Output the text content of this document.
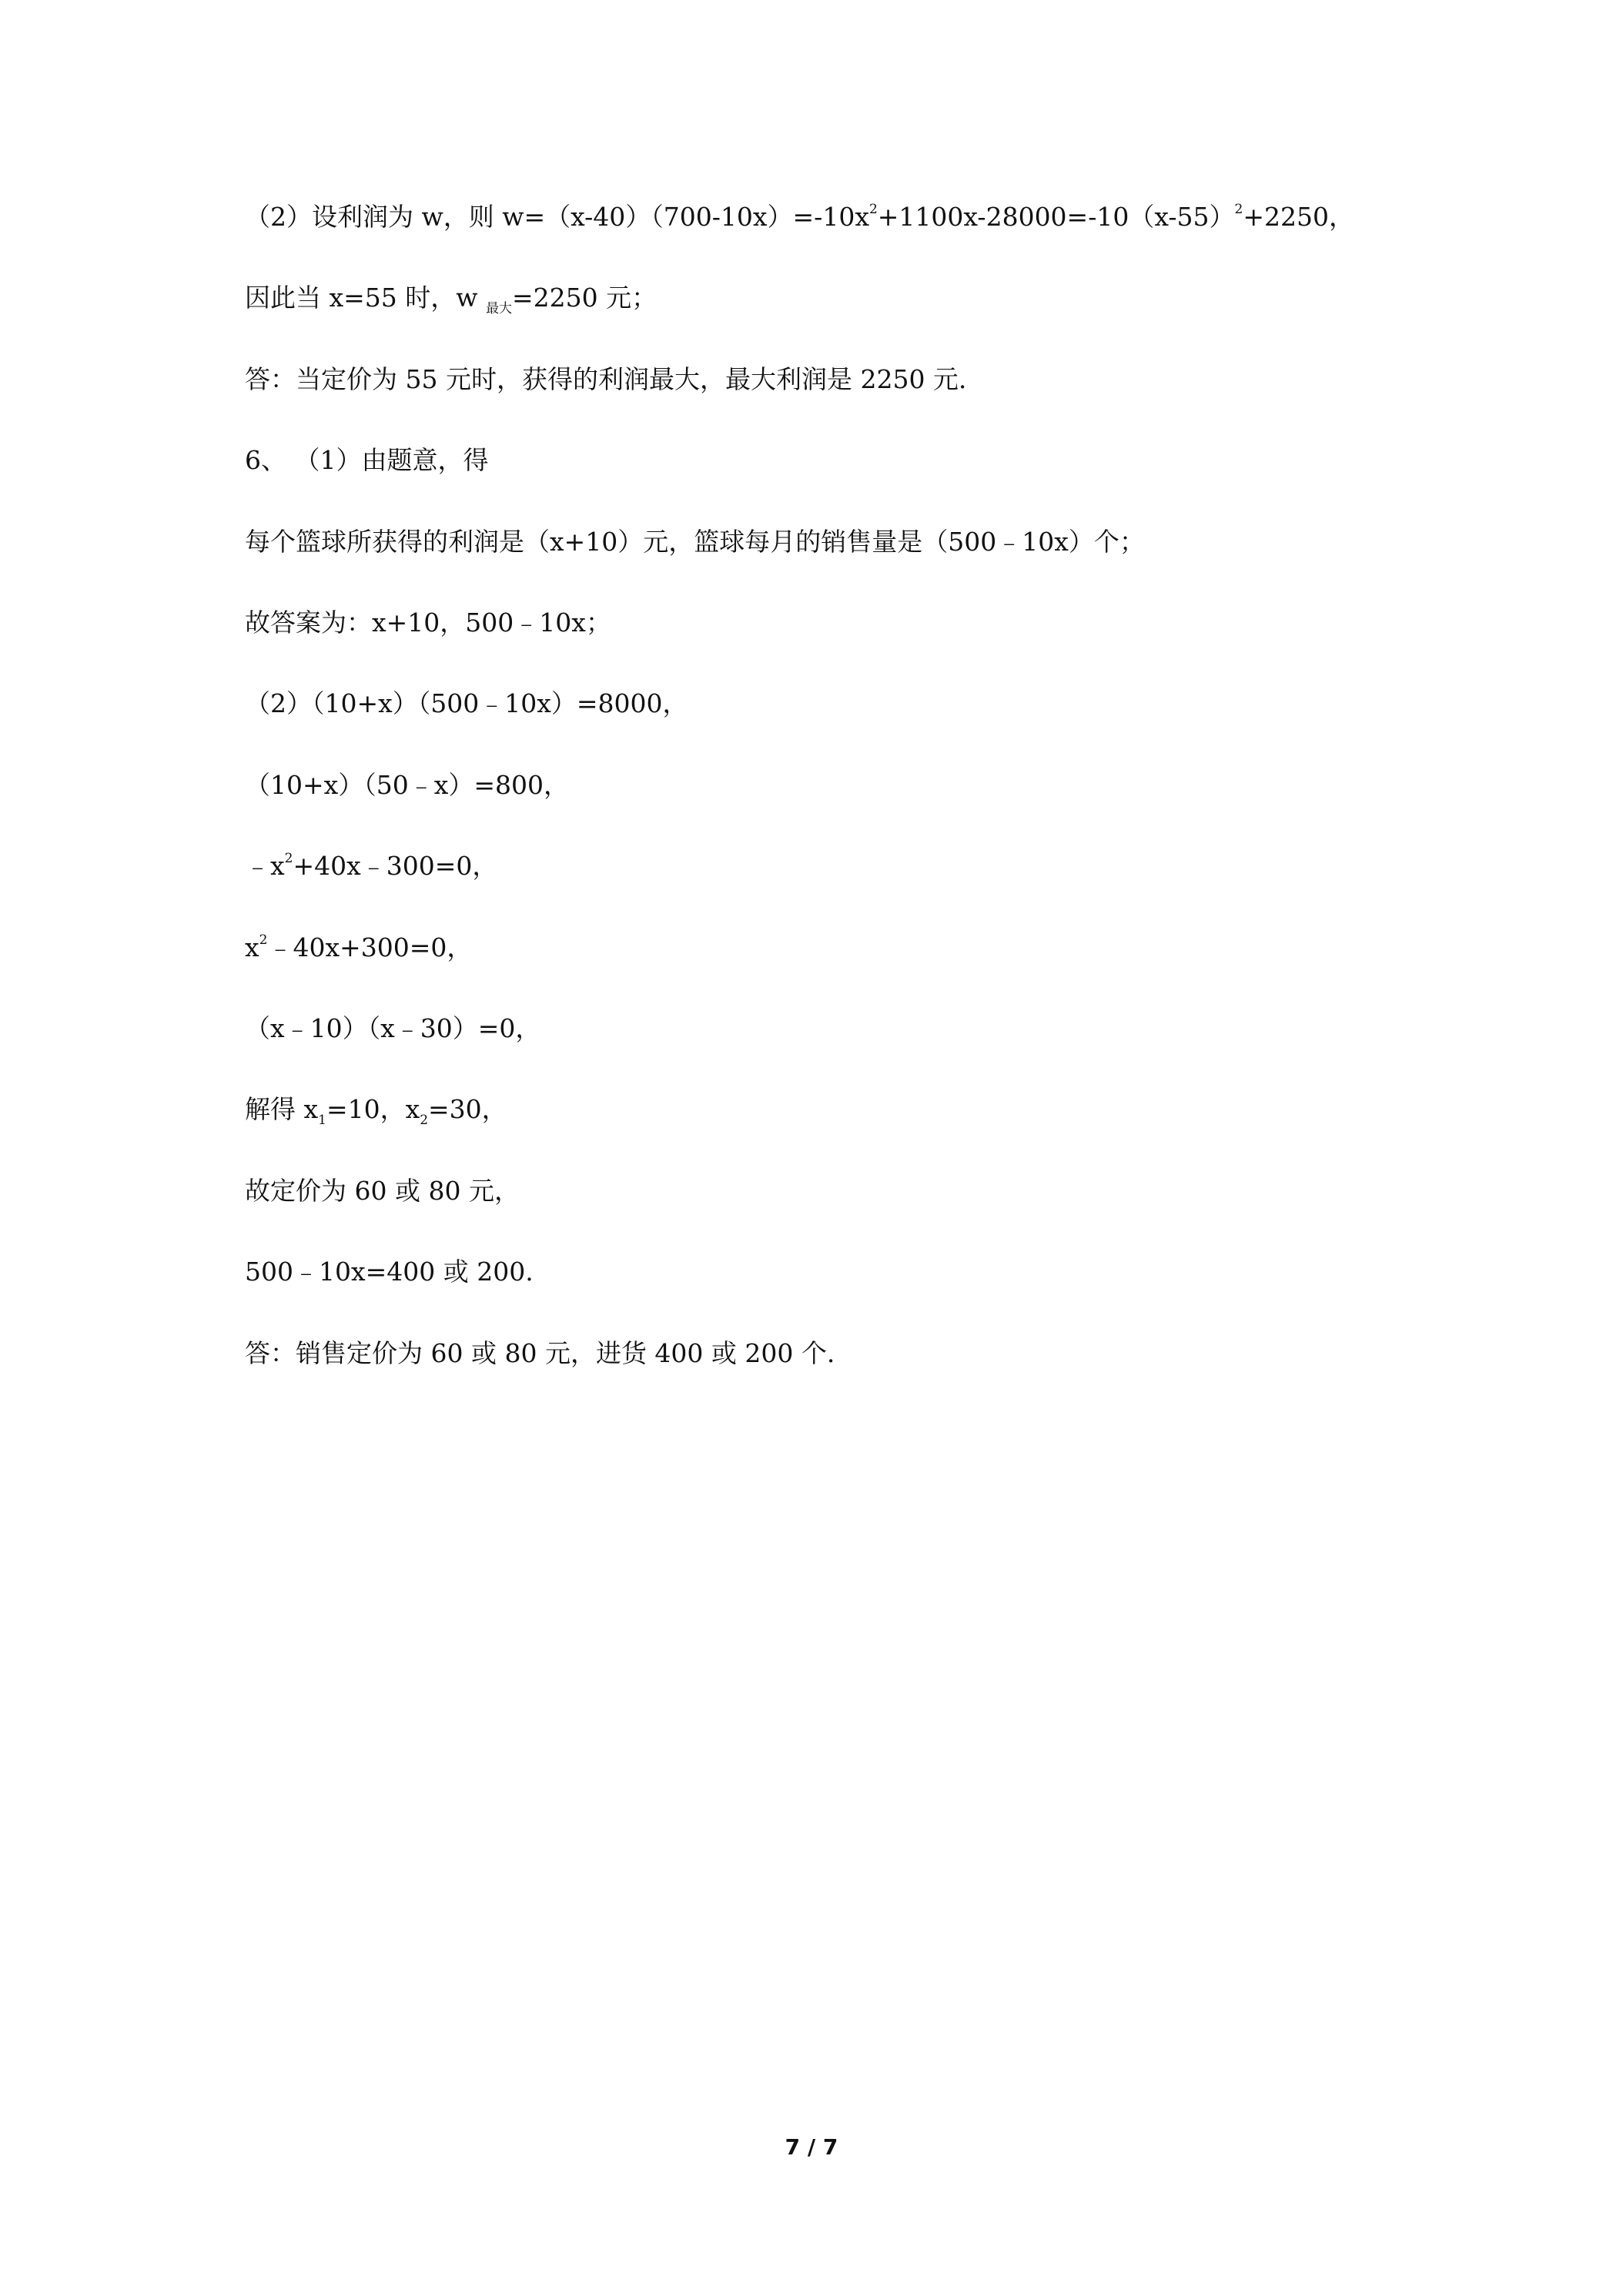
（2）设利润为 w，则 $w=(x-40)(700-10x)=-10x^2+1100x-28000=-10(x-55)^2+2250$，
因此当 x=55 时，w $_{最大}$=2250 元；
答：当定价为 55 元时，获得的利润最大，最大利润是 2250 元.
6、 （1）由题意，得
每个篮球所获得的利润是（x+10）元，篮球每月的销售量是（500﹣10x）个；
故答案为：x+10，500﹣10x；
（2）（10+x）（500﹣10x）=8000，
（10+x）（50﹣x）=800，
$﹣x^2+40x﹣300=0$，
$x^2﹣40x+300=0$，
（x﹣10）（x﹣30）=0，
解得 $x_1=10$，$x_2=30$，
故定价为 60 或 80 元，
500﹣10x=400 或 200.
答：销售定价为 60 或 80 元，进货 400 或 200 个.
7 / 7
